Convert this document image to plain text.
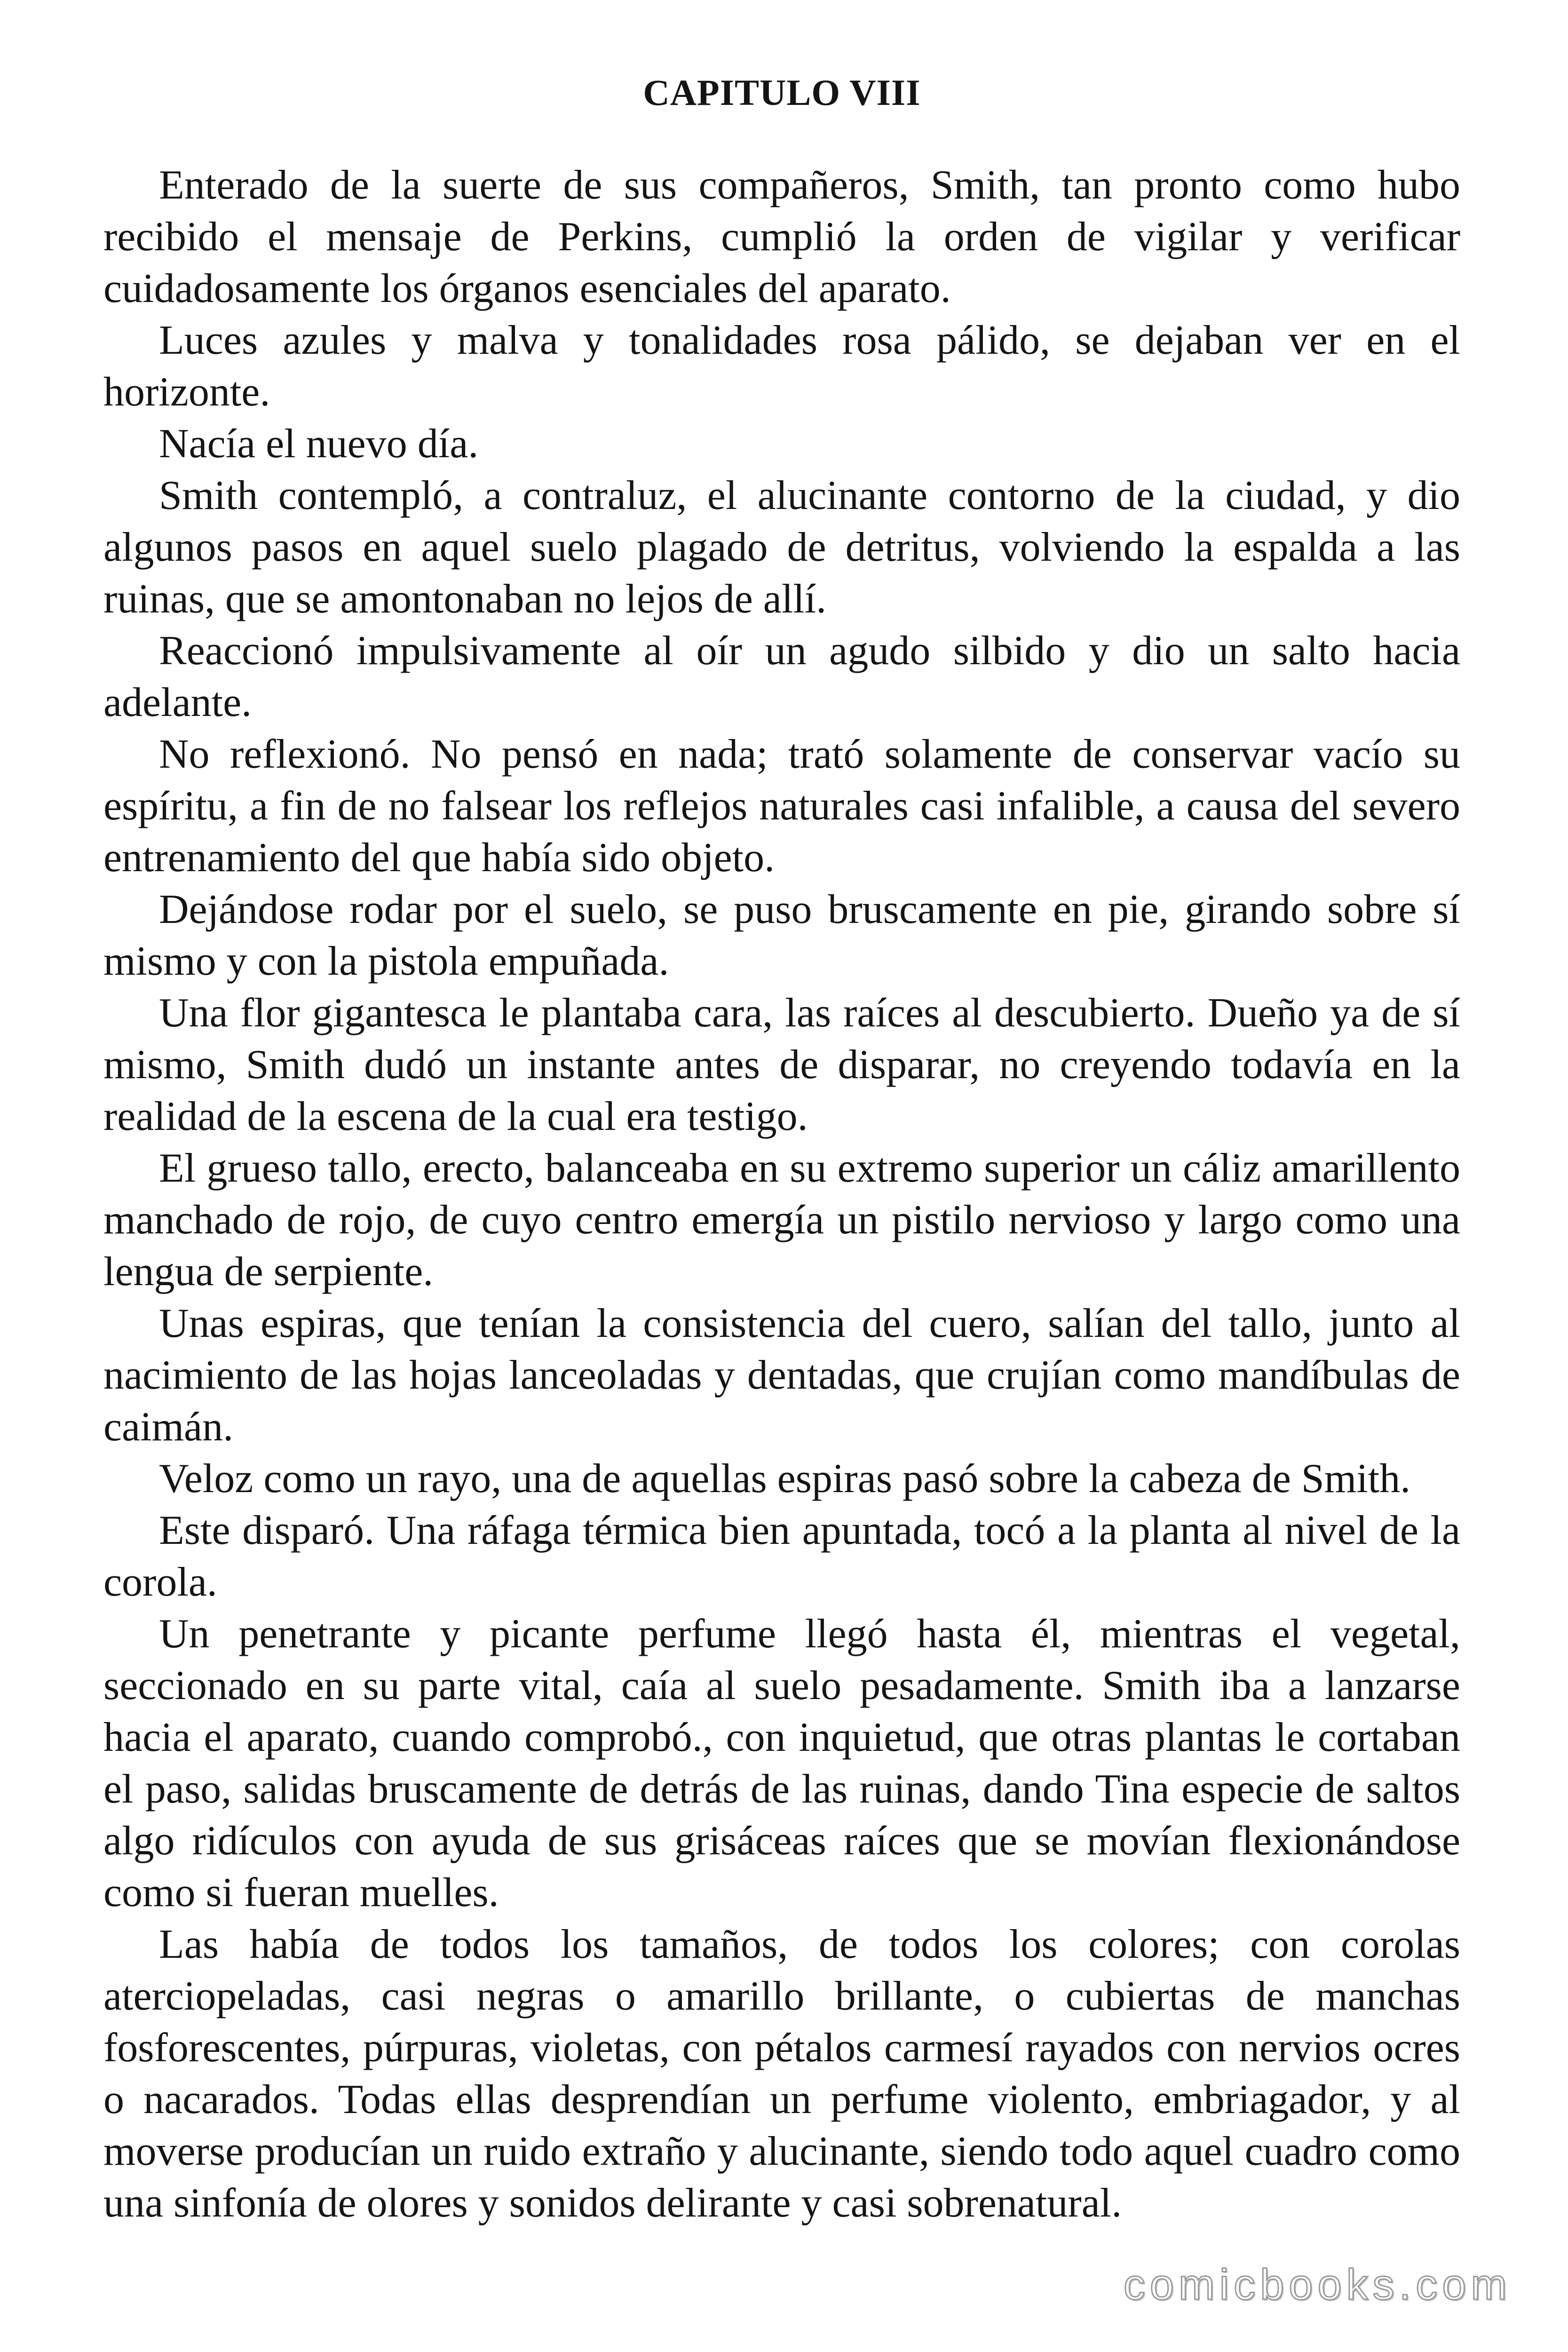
CAPITULO VIII

Enterado de la suerte de sus compañeros, Smith, tan pronto como hubo recibido el mensaje de Perkins, cumplió la orden de vigilar y verificar cuidadosamente los órganos esenciales del aparato.

Luces azules y malva y tonalidades rosa pálido, se dejaban ver en el horizonte.

Nacía el nuevo día.

Smith contempló, a contraluz, el alucinante contorno de la ciudad, y dio algunos pasos en aquel suelo plagado de detritus, volviendo la espalda a las ruinas, que se amontonaban no lejos de allí.

Reaccionó impulsivamente al oír un agudo silbido y dio un salto hacia adelante.

No reflexionó. No pensó en nada; trató solamente de conservar vacío su espíritu, a fin de no falsear los reflejos naturales casi infalible, a causa del severo entrenamiento del que había sido objeto.

Dejándose rodar por el suelo, se puso bruscamente en pie, girando sobre sí mismo y con la pistola empuñada.

Una flor gigantesca le plantaba cara, las raíces al descubierto. Dueño ya de sí mismo, Smith dudó un instante antes de disparar, no creyendo todavía en la realidad de la escena de la cual era testigo.

El grueso tallo, erecto, balanceaba en su extremo superior un cáliz amarillento manchado de rojo, de cuyo centro emergía un pistilo nervioso y largo como una lengua de serpiente.

Unas espiras, que tenían la consistencia del cuero, salían del tallo, junto al nacimiento de las hojas lanceoladas y dentadas, que crujían como mandíbulas de caimán.

Veloz como un rayo, una de aquellas espiras pasó sobre la cabeza de Smith.

Este disparó. Una ráfaga térmica bien apuntada, tocó a la planta al nivel de la corola.

Un penetrante y picante perfume llegó hasta él, mientras el vegetal, seccionado en su parte vital, caía al suelo pesadamente. Smith iba a lanzarse hacia el aparato, cuando comprobó., con inquietud, que otras plantas le cortaban el paso, salidas bruscamente de detrás de las ruinas, dando Tina especie de saltos algo ridículos con ayuda de sus grisáceas raíces que se movían flexionándose como si fueran muelles.

Las había de todos los tamaños, de todos los colores; con corolas aterciopeladas, casi negras o amarillo brillante, o cubiertas de manchas fosforescentes, púrpuras, violetas, con pétalos carmesí rayados con nervios ocres o nacarados. Todas ellas desprendían un perfume violento, embriagador, y al moverse producían un ruido extraño y alucinante, siendo todo aquel cuadro como una sinfonía de olores y sonidos delirante y casi sobrenatural.

comicbooks.com
